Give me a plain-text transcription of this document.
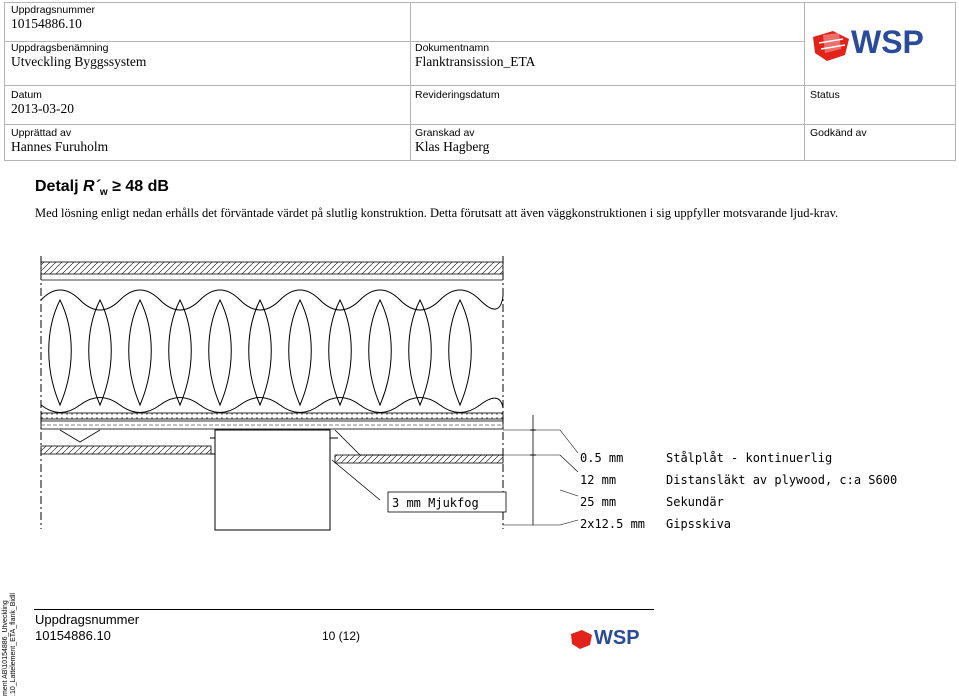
Uppdragsnummer
10154886.10
Uppdragsbenämning
Utveckling Byggssystem
Dokumentnamn
Flanktransission_ETA
Datum
2013-03-20
Revideringsdatum	Status
Upprättad av
Hannes Furuholm
Granskad av
Klas Hagberg
Godkänd av
WSP
Detalj $R´_w \ge 48$ dB
Med lösning enligt nedan erhålls det förväntade värdet på slutlig konstruktion. Detta förutsatt att även väggkonstruktionen i sig uppfyller motsvarande ljud-krav.
3 mm Mjukfog
0.5 mm	Stålplåt - kontinuerlig
12 mm	Distansläkt av plywood, c:a S600
25 mm	Sekundär
2x12.5 mm Gipsskiva
Uppdragsnummer
10154886.10	10 (12)	WSP
ment AB\10154886_Utveckling .10_Lattelement_ETA_flank_Bidll
